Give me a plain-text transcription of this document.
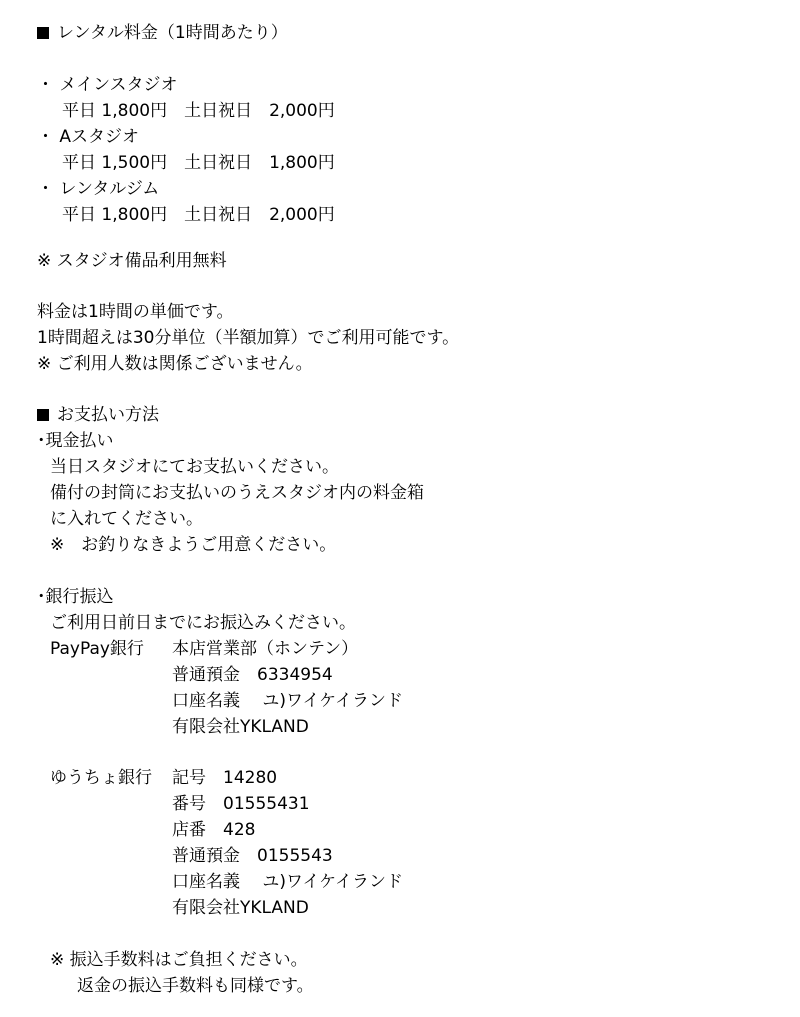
レンタル料金（1時間あたり）
・ メインスタジオ
平日 1,800円　土日祝日　2,000円
・ Aスタジオ
平日 1,500円　土日祝日　1,800円
・ レンタルジム
平日 1,800円　土日祝日　2,000円
※ スタジオ備品利用無料
料金は1時間の単価です。
1時間超えは30分単位（半額加算）でご利用可能です。
※ ご利用人数は関係ございません。
お支払い方法
･現金払い
当日スタジオにてお支払いください。
備付の封筒にお支払いのうえスタジオ内の料金箱
に入れてください。
※　お釣りなきようご用意ください。
･銀行振込
ご利用日前日までにお振込みください。
PayPay銀行 本店営業部（ホンテン）
普通預金　6334954
口座名義　 ユ)ワイケイランド
有限会社YKLAND
ゆうちょ銀行 記号　14280
番号　01555431
店番　428
普通預金　0155543
口座名義　 ユ)ワイケイランド
有限会社YKLAND
※ 振込手数料はご負担ください。
返金の振込手数料も同様です。
